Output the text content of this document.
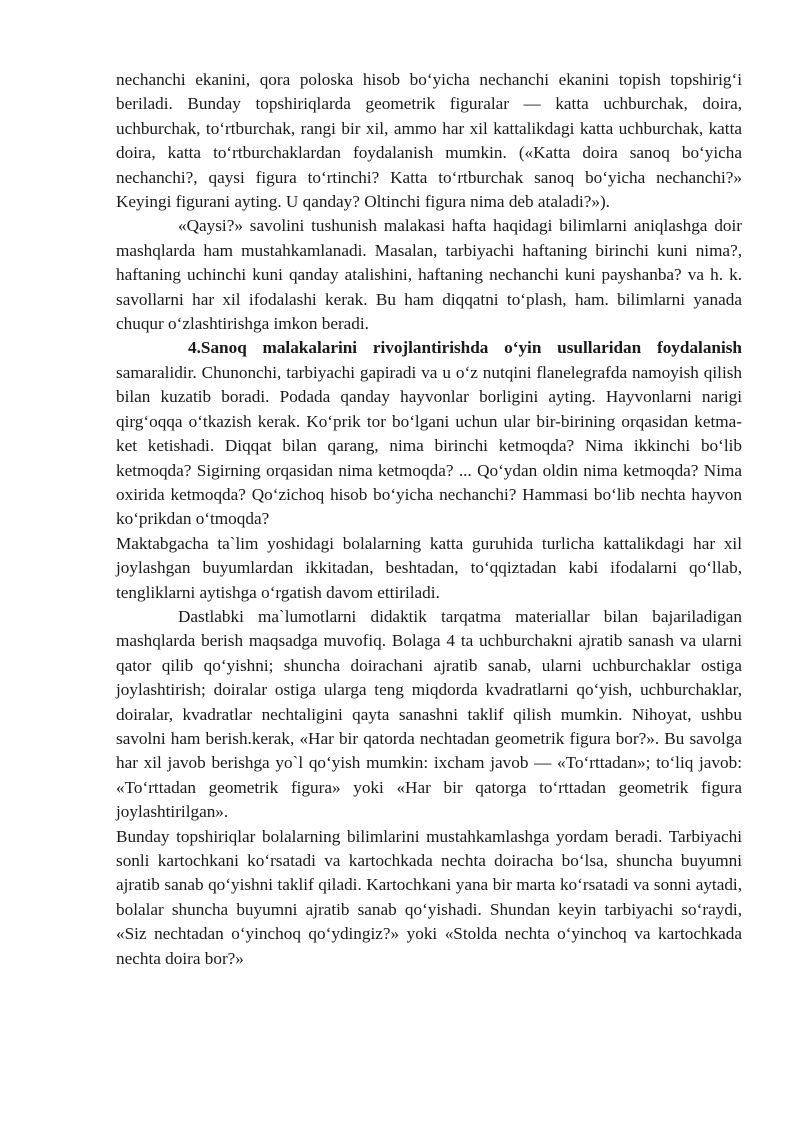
nechanchi ekanini, qora poloska hisob bo‘yicha nechanchi ekanini topish topshirig‘i beriladi. Bunday topshiriqlarda geometrik figuralar — katta uchburchak, doira, uchburchak, to‘rtburchak, rangi bir xil, ammo har xil kattalikdagi katta uchburchak, katta doira, katta to‘rtburchaklardan foydalanish mumkin. («Katta doira sanoq bo‘yicha nechanchi?, qaysi figura to‘rtinchi? Katta to‘rtburchak sanoq bo‘yicha nechanchi?» Keyingi figurani ayting. U qanday? Oltinchi figura nima deb ataladi?»).

«Qaysi?» savolini tushunish malakasi hafta haqidagi bilimlarni aniqlashga doir mashqlarda ham mustahkamlanadi. Masalan, tarbiyachi haftaning birinchi kuni nima?, haftaning uchinchi kuni qanday atalishini, haftaning nechanchi kuni payshanba? va h. k. savollarni har xil ifodalashi kerak. Bu ham diqqatni to‘plash, ham. bilimlarni yanada chuqur o‘zlashtirishga imkon beradi.

4.Sanoq malakalarini rivojlantirishda o‘yin usullaridan foydalanish samaralidir. Chunonchi, tarbiyachi gapiradi va u o‘z nutqini flanelegrafda namoyish qilish bilan kuzatib boradi. Podada qanday hayvonlar borligini ayting. Hayvonlarni narigi qirg‘oqqa o‘tkazish kerak. Ko‘prik tor bo‘lgani uchun ular bir-birining orqasidan ketma-ket ketishadi. Diqqat bilan qarang, nima birinchi ketmoqda? Nima ikkinchi bo‘lib ketmoqda? Sigirning orqasidan nima ketmoqda? ... Qo‘ydan oldin nima ketmoqda? Nima oxirida ketmoqda? Qo‘zichoq hisob bo‘yicha nechanchi? Hammasi bo‘lib nechta hayvon ko‘prikdan o‘tmoqda?

Maktabgacha ta`lim yoshidagi bolalarning katta guruhida turlicha kattalikdagi har xil joylashgan buyumlardan ikkitadan, beshtadan, to‘qqiztadan kabi ifodalarni qo‘llab, tengliklarni aytishga o‘rgatish davom ettiriladi.

Dastlabki ma`lumotlarni didaktik tarqatma materiallar bilan bajariladigan mashqlarda berish maqsadga muvofiq. Bolaga 4 ta uchburchakni ajratib sanash va ularni qator qilib qo‘yishni; shuncha doirachani ajratib sanab, ularni uchburchaklar ostiga joylashtirish; doiralar ostiga ularga teng miqdorda kvadratlarni qo‘yish, uchburchaklar, doiralar, kvadratlar nechtaligini qayta sanashni taklif qilish mumkin. Nihoyat, ushbu savolni ham berish.kerak, «Har bir qatorda nechtadan geometrik figura bor?». Bu savolga har xil javob berishga yo`l qo‘yish mumkin: ixcham javob — «To‘rttadan»; to‘liq javob: «To‘rttadan geometrik figura» yoki «Har bir qatorga to‘rttadan geometrik figura joylashtirilgan».

Bunday topshiriqlar bolalarning bilimlarini mustahkamlashga yordam beradi. Tarbiyachi sonli kartochkani ko‘rsatadi va kartochkada nechta doiracha bo‘lsa, shuncha buyumni ajratib sanab qo‘yishni taklif qiladi. Kartochkani yana bir marta ko‘rsatadi va sonni aytadi, bolalar shuncha buyumni ajratib sanab qo‘yishadi. Shundan keyin tarbiyachi so‘raydi, «Siz nechtadan o‘yinchoq qo‘ydingiz?» yoki «Stolda nechta o‘yinchoq va kartochkada nechta doira bor?»
